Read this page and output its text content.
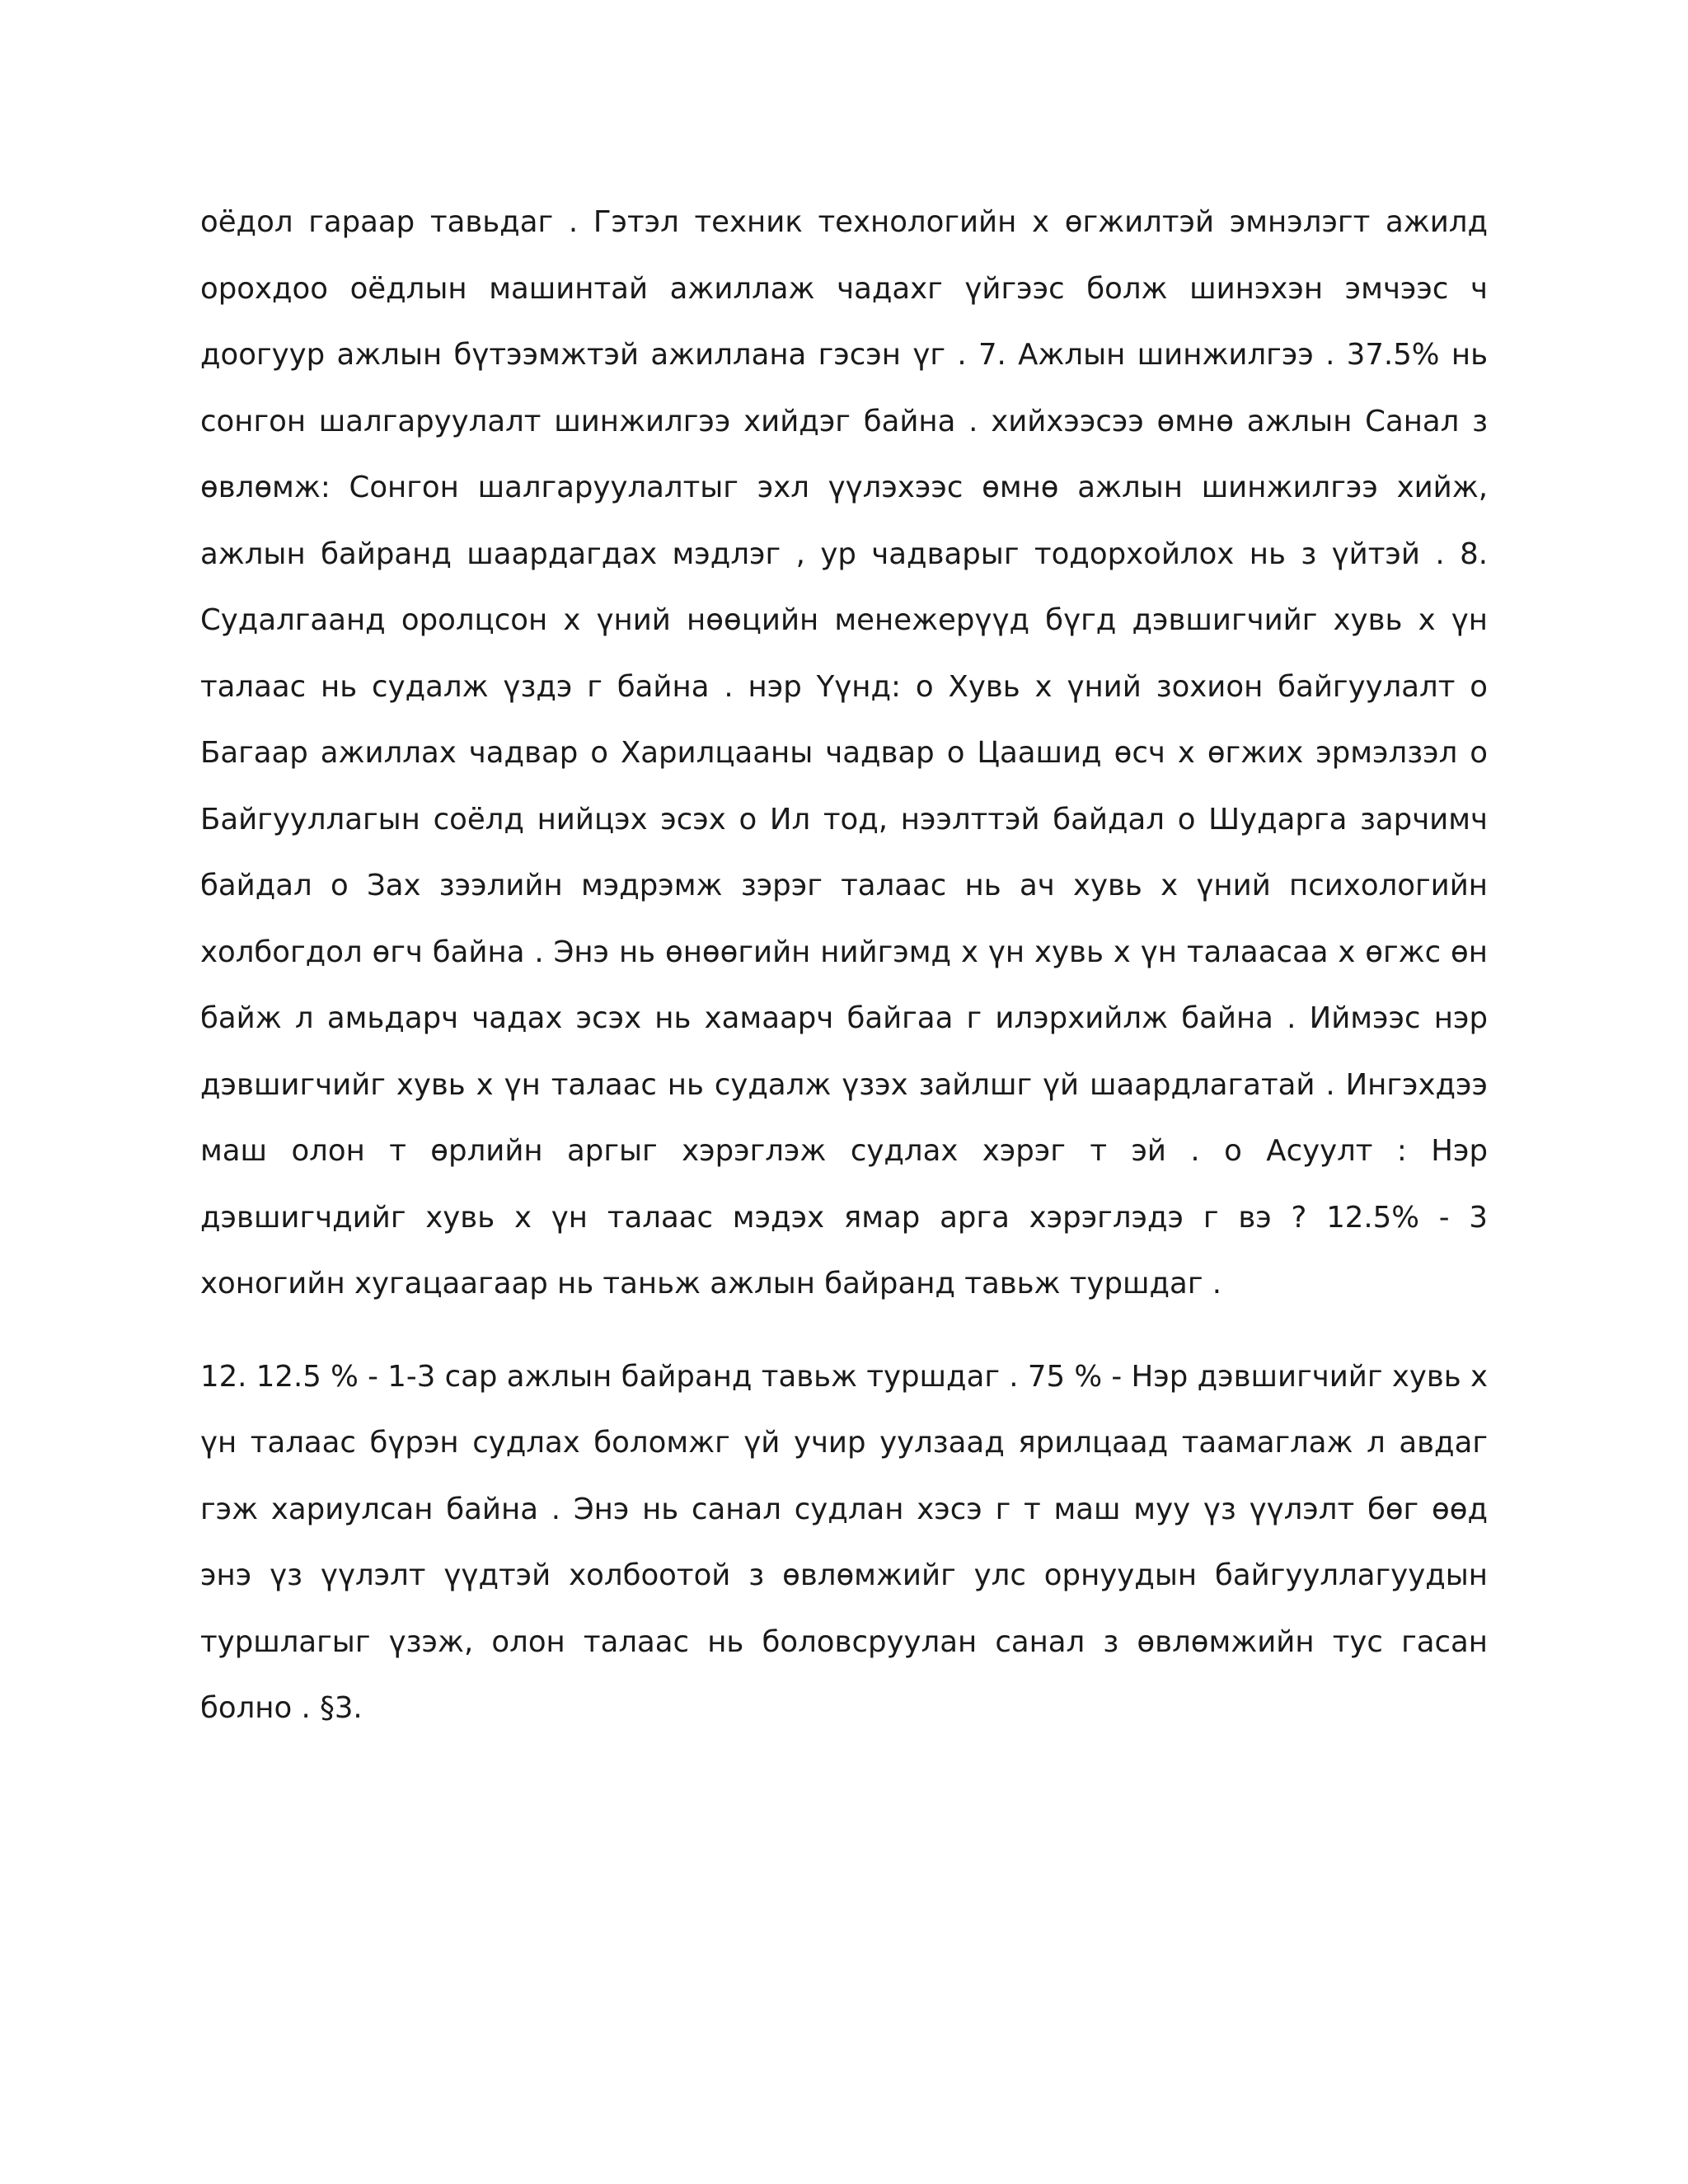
оёдол гараар тавьдаг . Гэтэл техник технологийн х өгжилтэй эмнэлэгт ажилд орохдоо оёдлын машинтай ажиллаж чадахг үйгээс болж шинэхэн эмчээс ч доогуур ажлын бүтээмжтэй ажиллана гэсэн үг . 7. Ажлын шинжилгээ . 37.5% нь сонгон шалгаруулалт шинжилгээ хийдэг байна . хийхээсээ өмнө ажлын Санал з өвлөмж: Сонгон шалгаруулалтыг эхл үүлэхээс өмнө ажлын шинжилгээ хийж, ажлын байранд шаардагдах мэдлэг , ур чадварыг тодорхойлох нь з үйтэй . 8. Судалгаанд оролцсон х үний нөөцийн менежерүүд бүгд дэвшигчийг хувь х үн талаас нь судалж үздэ г байна . нэр Үүнд: о Хувь х үний зохион байгуулалт о Багаар ажиллах чадвар о Харилцааны чадвар о Цаашид өсч х өгжих эрмэлзэл о Байгууллагын соёлд нийцэх эсэх о Ил тод, нээлттэй байдал о Шударга зарчимч байдал о Зах зээлийн мэдрэмж зэрэг талаас нь ач хувь х үний психологийн холбогдол өгч байна . Энэ нь өнөөгийн нийгэмд х үн хувь х үн талаасаа х өгжс өн байж л амьдарч чадах эсэх нь хамаарч байгаа г илэрхийлж байна . Иймээс нэр дэвшигчийг хувь х үн талаас нь судалж үзэх зайлшг үй шаардлагатай . Ингэхдээ маш олон т өрлийн аргыг хэрэглэж судлах хэрэг т эй . о Асуулт : Нэр дэвшигчдийг хувь х үн талаас мэдэх ямар арга хэрэглэдэ г вэ ? 12.5% - 3 хоногийн хугацаагаар нь таньж ажлын байранд тавьж туршдаг .

12. 12.5 % - 1-3 сар ажлын байранд тавьж туршдаг . 75 % - Нэр дэвшигчийг хувь х үн талаас бүрэн судлах боломжг үй учир уулзаад ярилцаад таамаглаж л авдаг гэж хариулсан байна . Энэ нь санал судлан хэсэ г т маш муу үз үүлэлт бөг өөд энэ үз үүлэлт үүдтэй холбоотой з өвлөмжийг улс орнуудын байгууллагуудын туршлагыг үзэж, олон талаас нь боловсруулан санал з өвлөмжийн тус гасан болно . §3.
